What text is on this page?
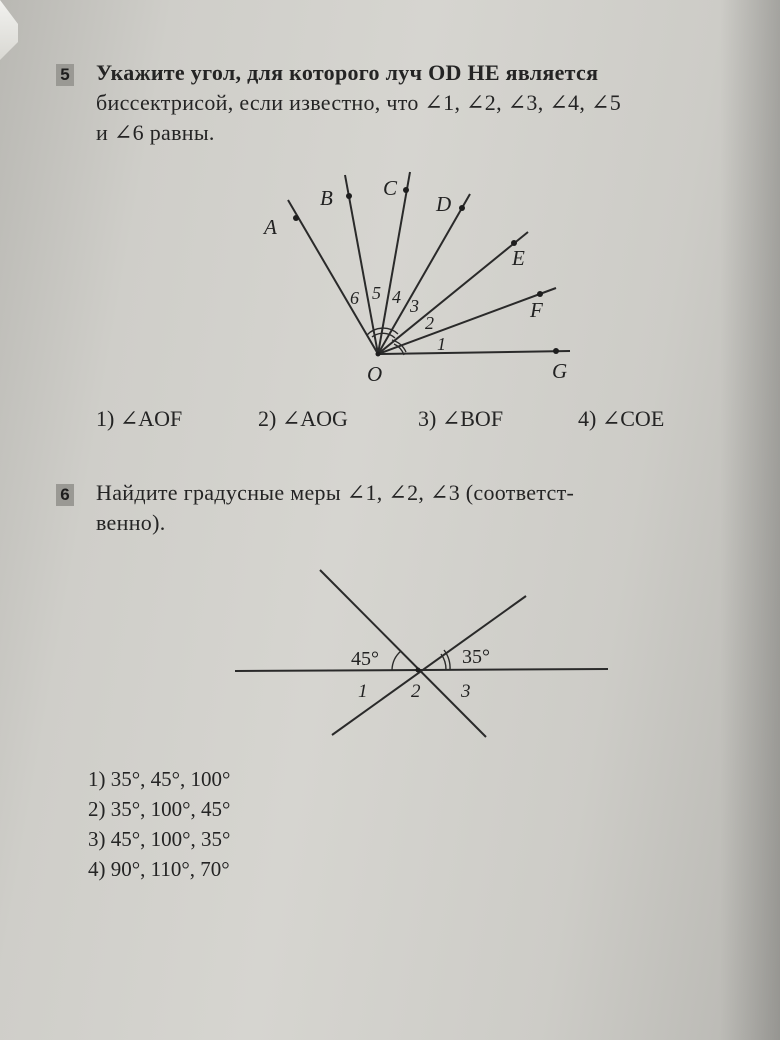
5 Укажите угол, для которого луч OD НЕ является

биссектрисой, если известно, что ∠1, ∠2, ∠3, ∠4, ∠5

и ∠6 равны.

A
B C
D
E
F
G
O
1
2
3
4
5
6
45°	35°
1 2 3
1) ∠AOF	2) ∠AOG	3) ∠BOF	4) ∠COE
6 Найдите градусные меры ∠1, ∠2, ∠3 (соответст-

венно).

1) 35°, 45°, 100°
2) 35°, 100°, 45°
3) 45°, 100°, 35°
4) 90°, 110°, 70°
